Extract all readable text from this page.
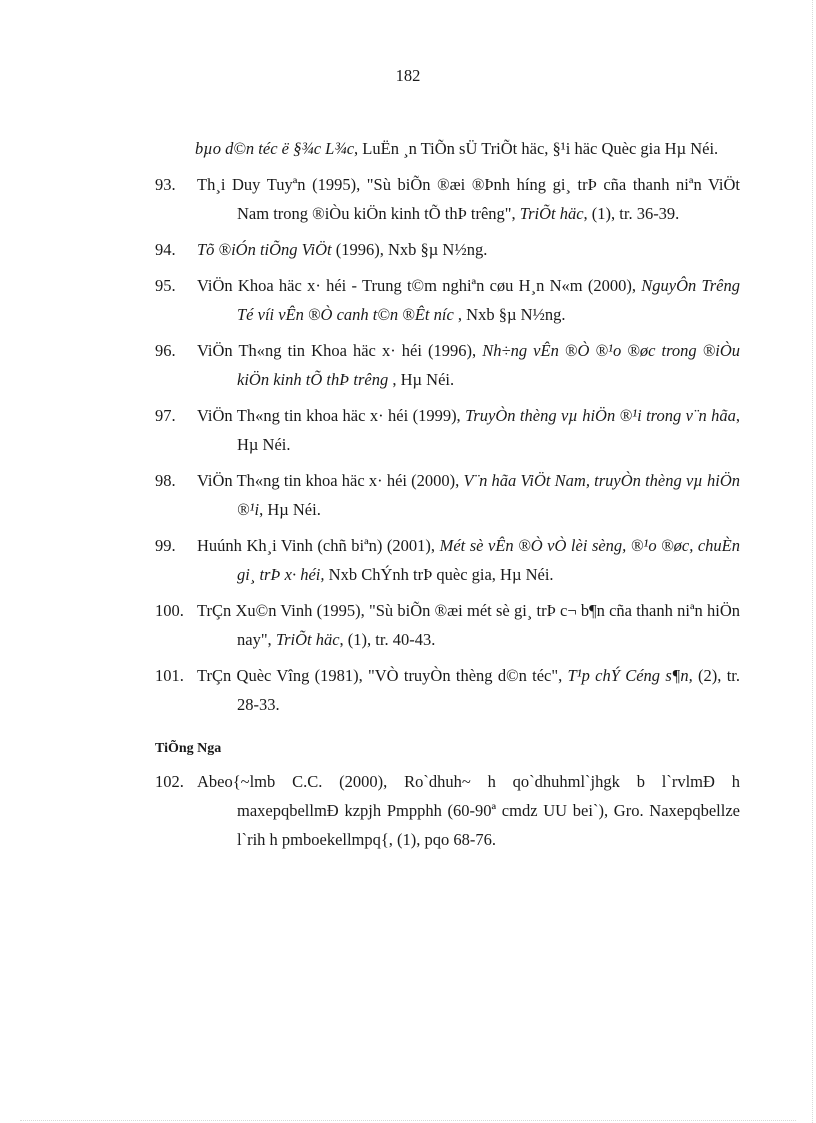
182
bµo d©n téc ë §¾c L¾c, LuËn ¸n TiÕn sÜ TriÕt häc, §¹i häc Quèc gia Hµ Néi.
93.	Th¸i Duy Tuyªn (1995), "Sù biÕn ®æi ®Þnh híng gi¸ trÞ cña thanh niªn ViÖt Nam trong ®iÒu kiÖn kinh tÕ thÞ trêng", TriÕt häc, (1), tr. 36-39.
94.	Tõ ®iÓn tiÕng ViÖt (1996), Nxb §µ N½ng.
95.	ViÖn Khoa häc x· héi - Trung t©m nghiªn cøu H¸n N«m (2000), NguyÔn Trêng Té víi vÊn ®Ò canh t©n ®Êt níc , Nxb §µ N½ng.
96.	ViÖn Th«ng tin Khoa häc x· héi (1996), Nh÷ng vÊn ®Ò ®¹o ®øc trong ®iÒu kiÖn kinh tÕ thÞ trêng , Hµ Néi.
97.	ViÖn Th«ng tin khoa häc x· héi (1999), TruyÒn thèng vµ hiÖn ®¹i trong v¨n hãa, Hµ Néi.
98.	ViÖn Th«ng tin khoa häc x· héi (2000), V¨n hãa ViÖt Nam, truyÒn thèng vµ hiÖn ®¹i, Hµ Néi.
99.	Huúnh Kh¸i Vinh (chñ biªn) (2001), Mét sè vÊn ®Ò vÒ lèi sèng, ®¹o ®øc, chuÈn gi¸ trÞ x· héi, Nxb ChÝnh trÞ quèc gia, Hµ Néi.
100. TrÇn Xu©n Vinh (1995), "Sù biÕn ®æi mét sè gi¸ trÞ c¬ b¶n cña thanh niªn hiÖn nay", TriÕt häc, (1), tr. 40-43.
101. TrÇn Quèc Vîng (1981), "VÒ truyÒn thèng d©n téc", T¹p chÝ Céng s¶n, (2), tr. 28-33.
TiÕng Nga
102. Abeo{~lmb C.C. (2000), Ro`dhuh~ h qo`dhuhml`jhgk b l`rvlmÐ h maxepqbellmÐ kzpjh Pmpphh (60-90ª cmdz UU bei`), Gro. Naxepqbellze l`rih h pmboekellmpq{, (1), pqo 68-76.
